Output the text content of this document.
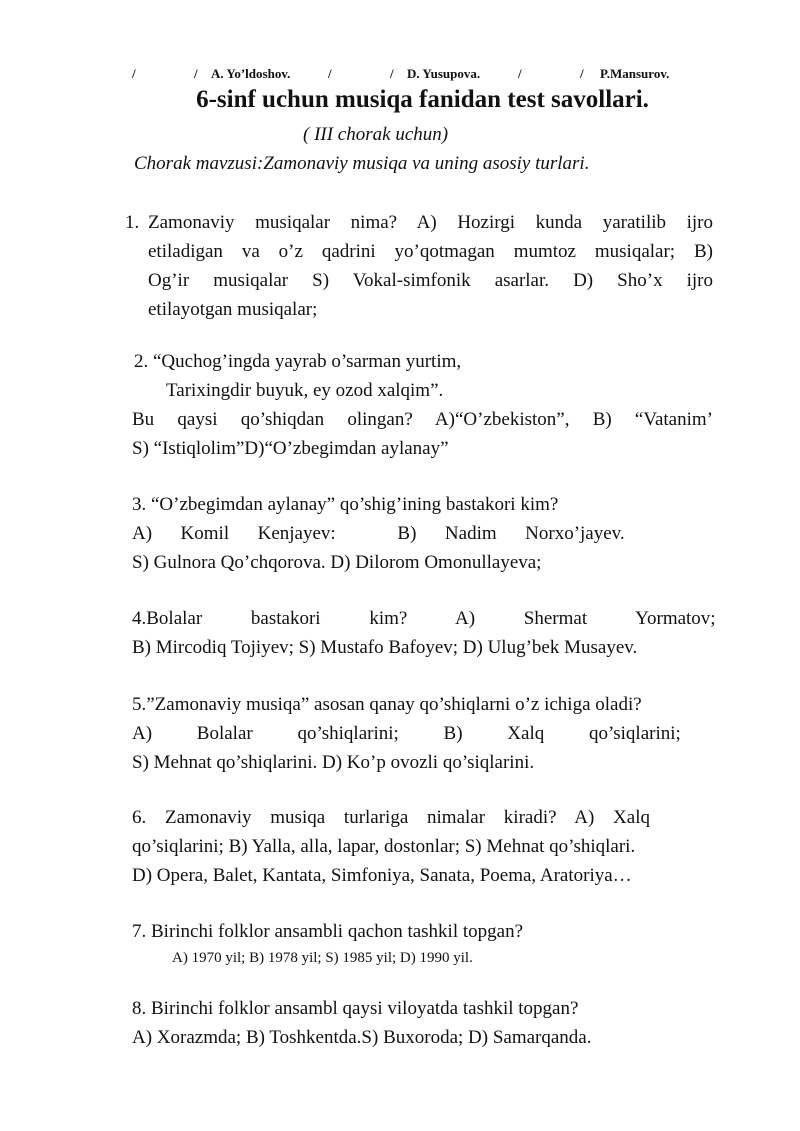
/	/ A. Yo’ldoshov.	/	/ D. Yusupova.	/	/ P.Mansurov.
6-sinf uchun musiqa fanidan test savollari.
( III chorak uchun)
Chorak mavzusi:Zamonaviy musiqa va uning asosiy turlari.
1. Zamonaviy musiqalar nima? A) Hozirgi kunda yaratilib ijro
etiladigan va o’z qadrini yo’qotmagan mumtoz musiqalar; B)
Og’ir musiqalar S) Vokal-simfonik asarlar. D) Sho’x ijro
etilayotgan musiqalar;
2. “Quchog’ingda yayrab o’sarman yurtim,
Tarixingdir buyuk, ey ozod xalqim”.
Bu qaysi qo’shiqdan olingan? A)“O’zbekiston”, B) “Vatanim’
S) “Istiqlolim”D)“O’zbegimdan aylanay”
3. “O’zbegimdan aylanay” qo’shig’ining bastakori kim?
A)      Komil      Kenjayev:             B)      Nadim      Norxo’jayev.
S) Gulnora Qo’chqorova. D) Dilorom Omonullayeva;
4.Bolalar bastakori kim? A) Shermat Yormatov;
B) Mircodiq Tojiyev; S) Mustafo Bafoyev; D) Ulug’bek Musayev.
5.”Zamonaviy musiqa” asosan qanay qo’shiqlarni o’z ichiga oladi?
A) Bolalar qo’shiqlarini; B) Xalq qo’siqlarini;
S) Mehnat qo’shiqlarini. D) Ko’p ovozli qo’siqlarini.
6. Zamonaviy musiqa turlariga nimalar kiradi? A) Xalq
qo’siqlarini; B) Yalla, alla, lapar, dostonlar; S) Mehnat qo’shiqlari.
D) Opera, Balet, Kantata, Simfoniya, Sanata, Poema, Aratoriya…
7. Birinchi folklor ansambli qachon tashkil topgan?
A) 1970 yil; B) 1978 yil; S) 1985 yil; D) 1990 yil.
8. Birinchi folklor ansambl qaysi viloyatda tashkil topgan?
A) Xorazmda; B) Toshkentda.S) Buxoroda; D) Samarqanda.
